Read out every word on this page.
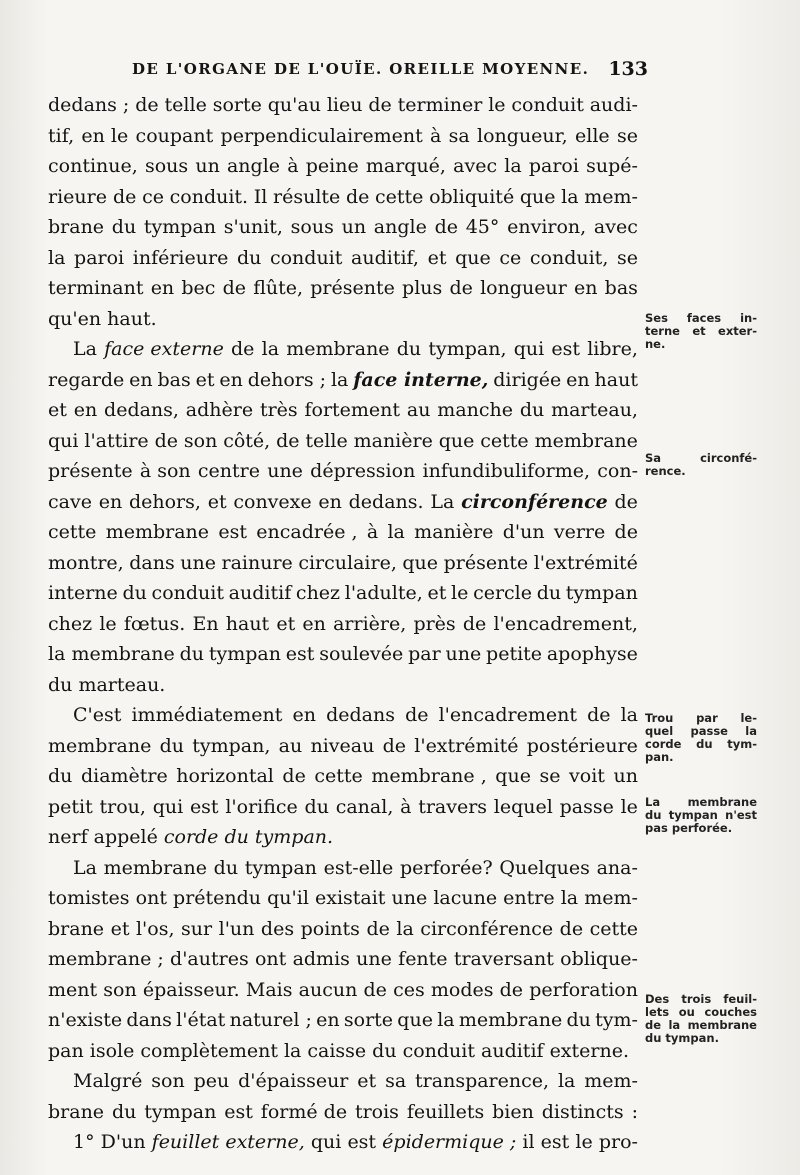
DE L'ORGANE DE L'OUÏE. OREILLE MOYENNE. 133
dedans ; de telle sorte qu'au lieu de terminer le conduit audi-
tif, en le coupant perpendiculairement à sa longueur, elle se
continue, sous un angle à peine marqué, avec la paroi supé-
rieure de ce conduit. Il résulte de cette obliquité que la mem-
brane du tympan s'unit, sous un angle de 45° environ, avec
la paroi inférieure du conduit auditif, et que ce conduit, se
terminant en bec de flûte, présente plus de longueur en bas
qu'en haut.
La face externe de la membrane du tympan, qui est libre,
regarde en bas et en dehors ; la face interne, dirigée en haut
et en dedans, adhère très fortement au manche du marteau,
qui l'attire de son côté, de telle manière que cette membrane
présente à son centre une dépression infundibuliforme, con-
cave en dehors, et convexe en dedans. La circonférence de
cette membrane est encadrée , à la manière d'un verre de
montre, dans une rainure circulaire, que présente l'extrémité
interne du conduit auditif chez l'adulte, et le cercle du tympan
chez le fœtus. En haut et en arrière, près de l'encadrement,
la membrane du tympan est soulevée par une petite apophyse
du marteau.
C'est immédiatement en dedans de l'encadrement de la
membrane du tympan, au niveau de l'extrémité postérieure
du diamètre horizontal de cette membrane , que se voit un
petit trou, qui est l'orifice du canal, à travers lequel passe le
nerf appelé corde du tympan.
La membrane du tympan est-elle perforée? Quelques ana-
tomistes ont prétendu qu'il existait une lacune entre la mem-
brane et l'os, sur l'un des points de la circonférence de cette
membrane ; d'autres ont admis une fente traversant oblique-
ment son épaisseur. Mais aucun de ces modes de perforation
n'existe dans l'état naturel ; en sorte que la membrane du tym-
pan isole complètement la caisse du conduit auditif externe.
Malgré son peu d'épaisseur et sa transparence, la mem-
brane du tympan est formé de trois feuillets bien distincts :
1° D'un feuillet externe, qui est épidermique ; il est le pro-
Ses faces in-
terne et exter-
ne.
Sa circonfé-
rence.
Trou par le-
quel passe la
corde du tym-
pan.
La membrane
du tympan n'est
pas perforée.
Des trois feuil-
lets ou couches
de la membrane
du tympan.
